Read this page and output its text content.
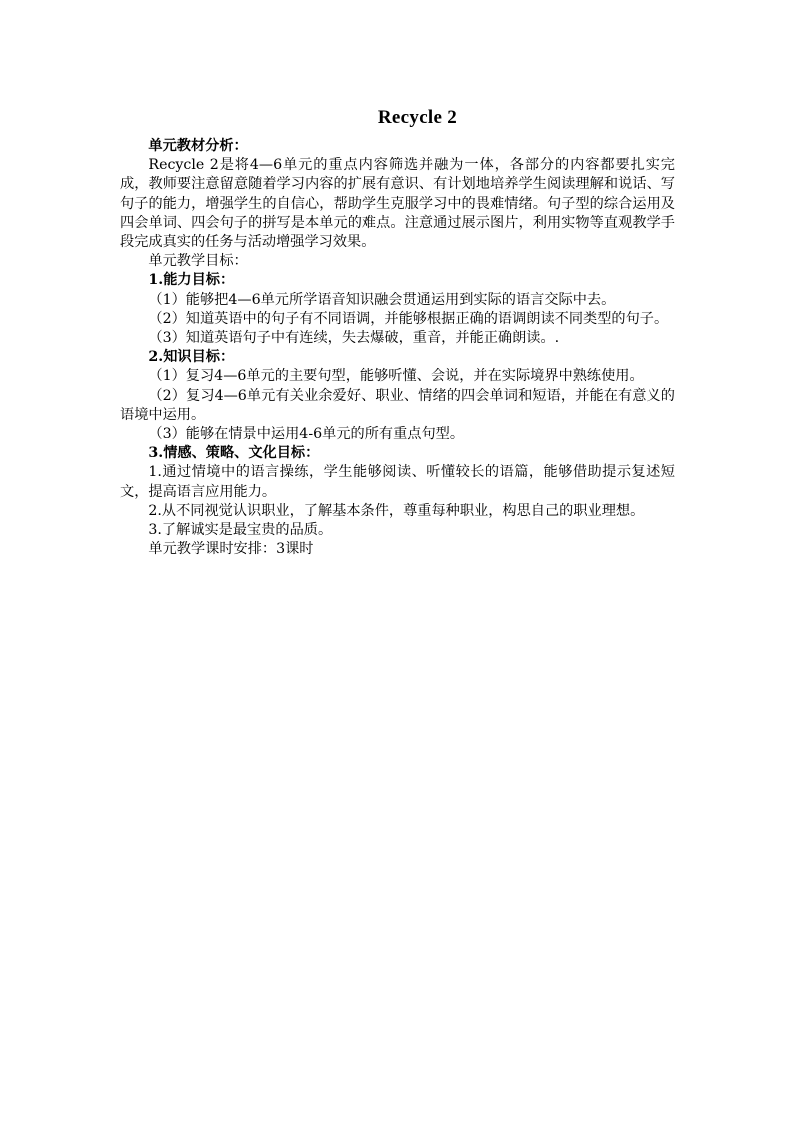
Recycle 2

单元教材分析：

Recycle 2是将4—6单元的重点内容筛选并融为一体，各部分的内容都要扎实完成，教师要注意留意随着学习内容的扩展有意识、有计划地培养学生阅读理解和说话、写句子的能力，增强学生的自信心，帮助学生克服学习中的畏难情绪。句子型的综合运用及四会单词、四会句子的拼写是本单元的难点。注意通过展示图片，利用实物等直观教学手段完成真实的任务与活动增强学习效果。

单元教学目标：

1.能力目标：

（1）能够把4—6单元所学语音知识融会贯通运用到实际的语言交际中去。

（2）知道英语中的句子有不同语调，并能够根据正确的语调朗读不同类型的句子。

（3）知道英语句子中有连续，失去爆破，重音，并能正确朗读。.

2.知识目标：

（1）复习4—6单元的主要句型，能够听懂、会说，并在实际境界中熟练使用。

（2）复习4—6单元有关业余爱好、职业、情绪的四会单词和短语，并能在有意义的语境中运用。

（3）能够在情景中运用4-6单元的所有重点句型。

3.情感、策略、文化目标：

1.通过情境中的语言操练，学生能够阅读、听懂较长的语篇，能够借助提示复述短文，提高语言应用能力。

2.从不同视觉认识职业，了解基本条件，尊重每种职业，构思自己的职业理想。

3.了解诚实是最宝贵的品质。

单元教学课时安排：3课时
